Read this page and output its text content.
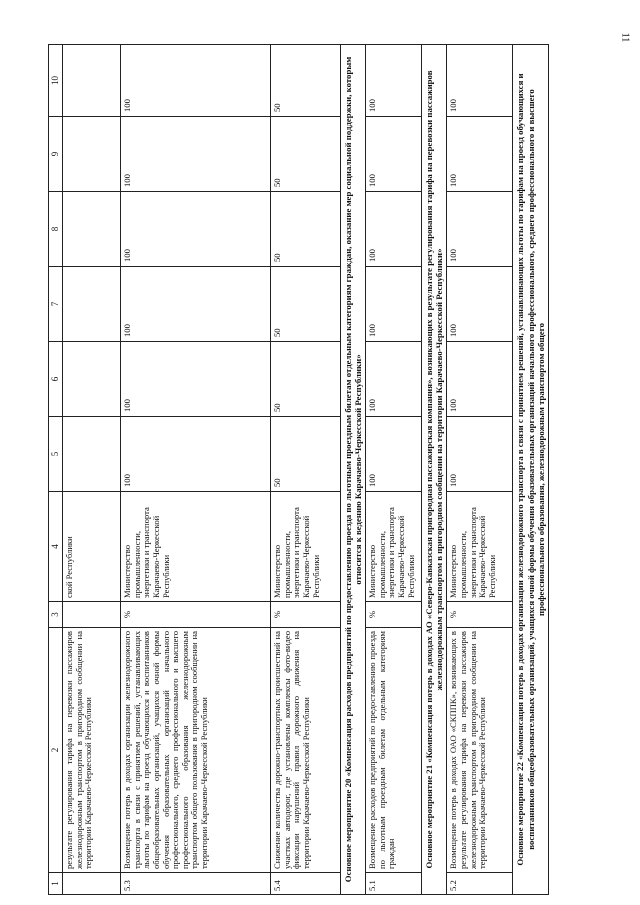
11
1	2	3	4	5	6	7	8	9	10
	результате регулирования тарифа на перевозки пассажиров железнодорожным транспортом в пригородном сообщении на территории Карачаево-Черкесской Республики		ской Республики						
5.3	Возмещение потерь в доходах организации железнодорожного транспорта в связи с принятием решений, устанавливающих льготы по тарифам на проезд обучающихся и воспитанников общеобразовательных организаций, учащихся очной формы обучения образовательных организаций начального профессионального, среднего профессионального и высшего профессионального образования железнодорожным транспортом общего пользования в пригородном сообщении на территории Карачаево-Черкесской Республики	%	Министерство промышленности, энергетики и транспорта Карачаево-Черкесской Республики	100	100	100	100	100	100
5.4	Снижение количества дорожно-транспортных происшествий на участках автодорог, где установлены комплексы фото-видео фиксации нарушений правил дорожного движения на территории Карачаево-Черкесской Республики	%	Министерство промышленности, энергетики и транспорта Карачаево-Черкесской Республики	50	50	50	50	50	50
Основное мероприятие 20 «Компенсация расходов предприятий по предоставлению проезда по льготным проездным билетам отдельным категориям граждан, оказание мер социальной поддержки, которым относится к ведению Карачаево-Черкесской Республики»									
5.1	Возмещение расходов предприятий по предоставлению проезда по льготным проездным билетам отдельным категориям граждан	%	Министерство промышленности, энергетики и транспорта Карачаево-Черкесской Республики	100	100	100	100	100	100
Основное мероприятие 21 «Компенсация потерь в доходах АО «Северо-Кавказская пригородная пассажирская компания», возникающих в результате регулирования тарифа на перевозки пассажиров железнодорожным транспортом в пригородном сообщении на территории Карачаево-Черкесской Республики»									
5.2	Возмещение потерь в доходах ОАО «СКППК», возникающих в результате регулирования тарифа на перевозки пассажиров железнодорожным транспортом в пригородном сообщении на территории Карачаево-Черкесской Республики	%	Министерство промышленности, энергетики и транспорта Карачаево-Черкесской Республики	100	100	100	100	100	100
Основное мероприятие 22 «Компенсация потерь в доходах организации железнодорожного транспорта в связи с принятием решений, устанавливающих льготы по тарифам на проезд обучающихся и воспитанников общеобразовательных организаций, учащихся очной формы обучения образовательных организаций начального профессионального, среднего профессионального и высшего профессионального образования, железнодорожным транспортом общего									
